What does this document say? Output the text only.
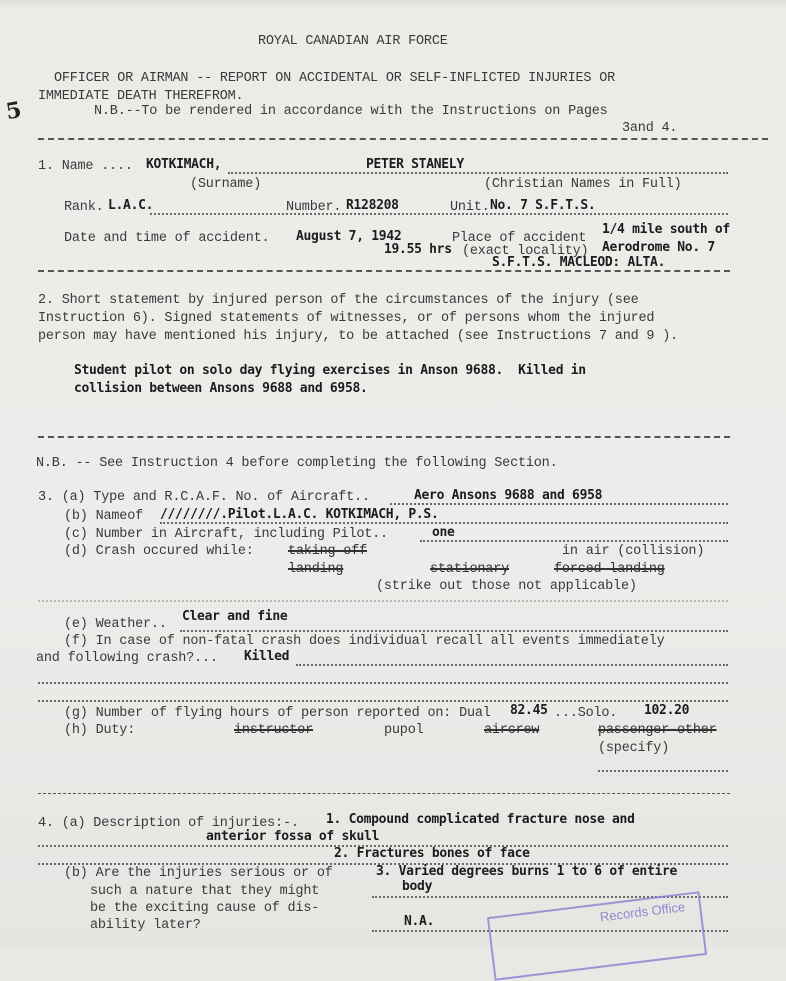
5
ROYAL CANADIAN AIR FORCE
OFFICER OR AIRMAN -- REPORT ON ACCIDENTAL OR SELF-INFLICTED INJURIES OR
IMMEDIATE DEATH THEREFROM.
N.B.--To be rendered in accordance with the Instructions on Pages
3and 4.
1. Name .... KOTKIMACH,	PETER STANELY
(Surname)	(Christian Names in Full)
Rank. L.A.C.	Number. R128208	Unit. No. 7 S.F.T.S.
Date and time of accident. August 7, 1942	Place of accident
1/4 mile south of
19.55 hrs (exact locality) Aerodrome No. 7
S.F.T.S. MACLEOD: ALTA.
2. Short statement by injured person of the circumstances of the injury (see
Instruction 6). Signed statements of witnesses, or of persons whom the injured
person may have mentioned his injury, to be attached (see Instructions 7 and 9 ).
Student pilot on solo day flying exercises in Anson 9688.  Killed in
collision between Ansons 9688 and 6958.
N.B. -- See Instruction 4 before completing the following Section.
3. (a) Type and R.C.A.F. No. of Aircraft..	Aero Ansons 9688 and 6958
(b) Nameof ////////.Pilot.L.A.C. KOTKIMACH, P.S.
(c) Number in Aircraft, including Pilot..	one
(d) Crash occured while:	taking off	in air (collision)
landing	stationary	forced landing
(strike out those not applicable)
(e) Weather..
Clear and fine
(f) In case of non-fatal crash does individual recall all events immediately
and following crash?... Killed
(g) Number of flying hours of person reported on: Dual 82.45 ...Solo. 102.20
(h) Duty:	instructor	pupol	aircrew	passenger-other
(specify)
4. (a) Description of injuries:-. 1. Compound complicated fracture nose and
anterior fossa of skull
2. Fractures bones of face
(b) Are the injuries serious or of	3. Varied degrees burns 1 to 6 of entire
such a nature that they might	body
be the exciting cause of dis-
ability later?	N.A.	Records Office
